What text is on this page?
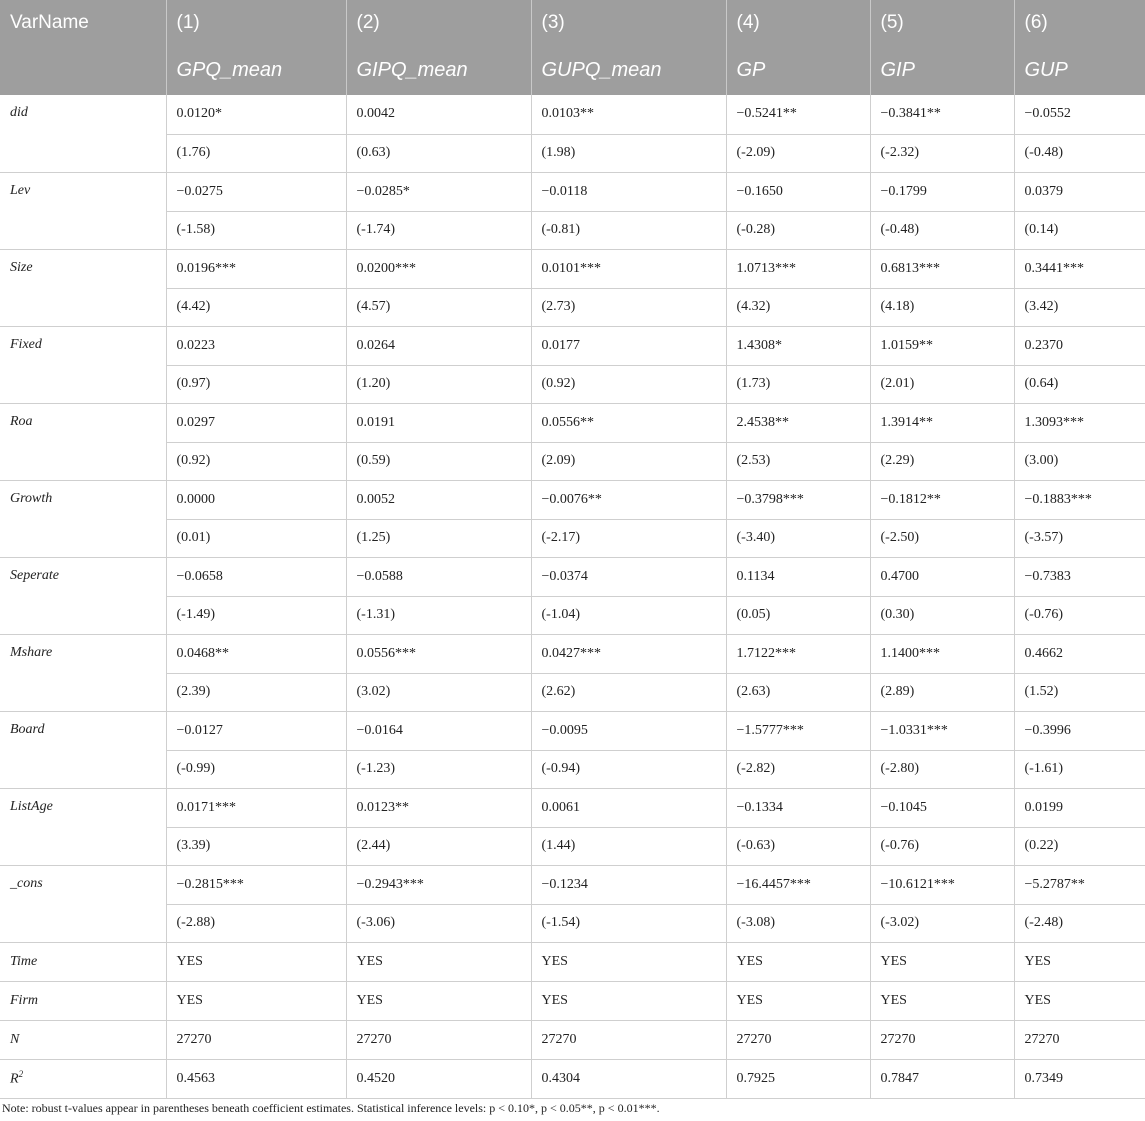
VarName	(1)	(2)	(3)	(4)	(5)	(6)
	GPQ_mean	GIPQ_mean	GUPQ_mean	GP	GIP	GUP
did	0.0120*	0.0042	0.0103**	−0.5241**	−0.3841**	−0.0552
	(1.76)	(0.63)	(1.98)	(-2.09)	(-2.32)	(-0.48)
Lev	−0.0275	−0.0285*	−0.0118	−0.1650	−0.1799	0.0379
	(-1.58)	(-1.74)	(-0.81)	(-0.28)	(-0.48)	(0.14)
Size	0.0196***	0.0200***	0.0101***	1.0713***	0.6813***	0.3441***
	(4.42)	(4.57)	(2.73)	(4.32)	(4.18)	(3.42)
Fixed	0.0223	0.0264	0.0177	1.4308*	1.0159**	0.2370
	(0.97)	(1.20)	(0.92)	(1.73)	(2.01)	(0.64)
Roa	0.0297	0.0191	0.0556**	2.4538**	1.3914**	1.3093***
	(0.92)	(0.59)	(2.09)	(2.53)	(2.29)	(3.00)
Growth	0.0000	0.0052	−0.0076**	−0.3798***	−0.1812**	−0.1883***
	(0.01)	(1.25)	(-2.17)	(-3.40)	(-2.50)	(-3.57)
Seperate	−0.0658	−0.0588	−0.0374	0.1134	0.4700	−0.7383
	(-1.49)	(-1.31)	(-1.04)	(0.05)	(0.30)	(-0.76)
Mshare	0.0468**	0.0556***	0.0427***	1.7122***	1.1400***	0.4662
	(2.39)	(3.02)	(2.62)	(2.63)	(2.89)	(1.52)
Board	−0.0127	−0.0164	−0.0095	−1.5777***	−1.0331***	−0.3996
	(-0.99)	(-1.23)	(-0.94)	(-2.82)	(-2.80)	(-1.61)
ListAge	0.0171***	0.0123**	0.0061	−0.1334	−0.1045	0.0199
	(3.39)	(2.44)	(1.44)	(-0.63)	(-0.76)	(0.22)
_cons	−0.2815***	−0.2943***	−0.1234	−16.4457***	−10.6121***	−5.2787**
	(-2.88)	(-3.06)	(-1.54)	(-3.08)	(-3.02)	(-2.48)
Time	YES	YES	YES	YES	YES	YES
Firm	YES	YES	YES	YES	YES	YES
N	27270	27270	27270	27270	27270	27270
$R^2$	0.4563	0.4520	0.4304	0.7925	0.7847	0.7349
Note: robust t-values appear in parentheses beneath coefficient estimates. Statistical inference levels: p < 0.10*, p < 0.05**, p < 0.01***.
